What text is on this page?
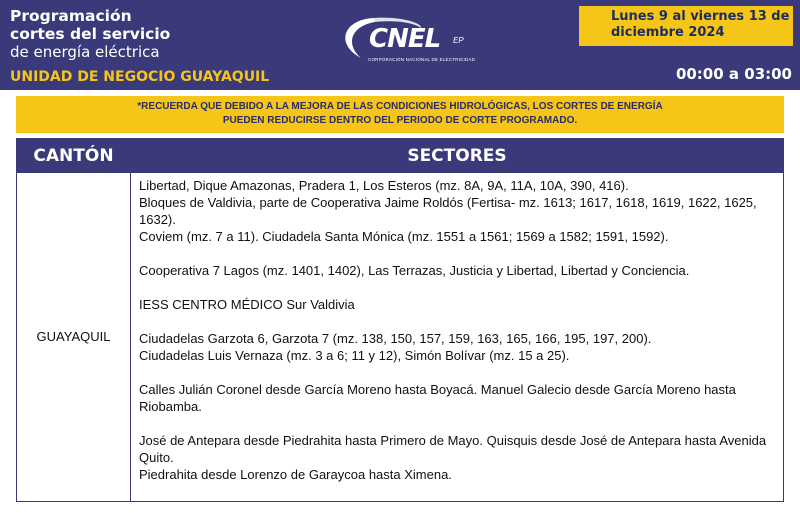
Programación
cortes del servicio
de energía eléctrica
UNIDAD DE NEGOCIO GUAYAQUIL
CNEL EP
CORPORACIÓN NACIONAL DE ELECTRICIDAD
Lunes 9 al viernes 13 de
diciembre 2024
00:00 a 03:00
*RECUERDA QUE DEBIDO A LA MEJORA DE LAS CONDICIONES HIDROLÓGICAS, LOS CORTES DE ENERGÍA
PUEDEN REDUCIRSE DENTRO DEL PERIODO DE CORTE PROGRAMADO.
CANTÓN	SECTORES
GUAYAQUIL
Libertad, Dique Amazonas, Pradera 1, Los Esteros (mz. 8A, 9A, 11A, 10A, 390, 416).
Bloques de Valdivia, parte de Cooperativa Jaime Roldós (Fertisa- mz. 1613; 1617, 1618, 1619, 1622, 1625,
1632).
Coviem (mz. 7 a 11). Ciudadela Santa Mónica (mz. 1551 a 1561; 1569 a 1582; 1591, 1592).
Cooperativa 7 Lagos (mz. 1401, 1402), Las Terrazas, Justicia y Libertad, Libertad y Conciencia.
IESS CENTRO MÉDICO Sur Valdivia
Ciudadelas Garzota 6, Garzota 7 (mz. 138, 150, 157, 159, 163, 165, 166, 195, 197, 200).
Ciudadelas Luis Vernaza (mz. 3 a 6; 11 y 12), Simón Bolívar (mz. 15 a 25).
Calles Julián Coronel desde García Moreno hasta Boyacá. Manuel Galecio desde García Moreno hasta
Riobamba.
José de Antepara desde Piedrahita hasta Primero de Mayo. Quisquis desde José de Antepara hasta Avenida
Quito.
Piedrahita desde Lorenzo de Garaycoa hasta Ximena.
